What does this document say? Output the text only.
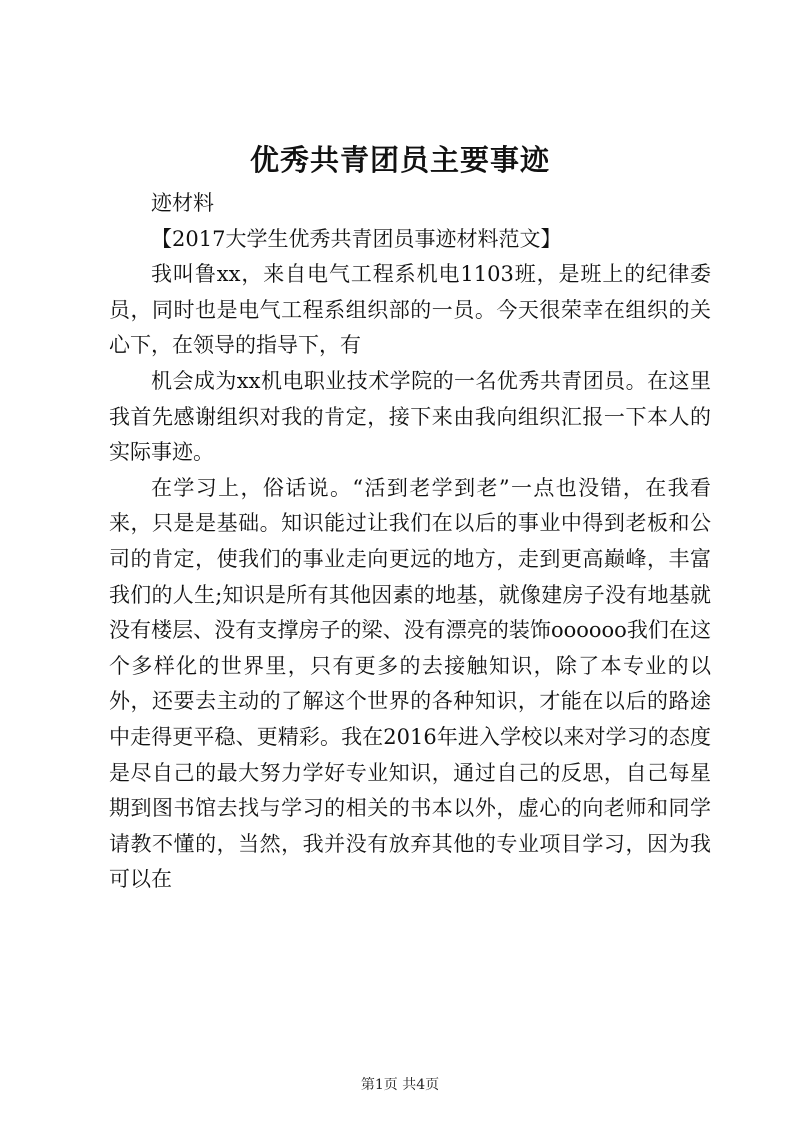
优秀共青团员主要事迹

迹材料

【2017大学生优秀共青团员事迹材料范文】

我叫鲁xx，来自电气工程系机电1103班，是班上的纪律委员，同时也是电气工程系组织部的一员。今天很荣幸在组织的关心下，在领导的指导下，有

机会成为xx机电职业技术学院的一名优秀共青团员。在这里我首先感谢组织对我的肯定，接下来由我向组织汇报一下本人的实际事迹。

在学习上，俗话说。“活到老学到老”一点也没错，在我看来，只是是基础。知识能过让我们在以后的事业中得到老板和公司的肯定，使我们的事业走向更远的地方，走到更高巅峰，丰富我们的人生;知识是所有其他因素的地基，就像建房子没有地基就没有楼层、没有支撑房子的梁、没有漂亮的装饰oooooo我们在这个多样化的世界里，只有更多的去接触知识，除了本专业的以外，还要去主动的了解这个世界的各种知识，才能在以后的路途中走得更平稳、更精彩。我在2016年进入学校以来对学习的态度是尽自己的最大努力学好专业知识，通过自己的反思，自己每星期到图书馆去找与学习的相关的书本以外，虚心的向老师和同学请教不懂的，当然，我并没有放弃其他的专业项目学习，因为我可以在

第1页 共4页
